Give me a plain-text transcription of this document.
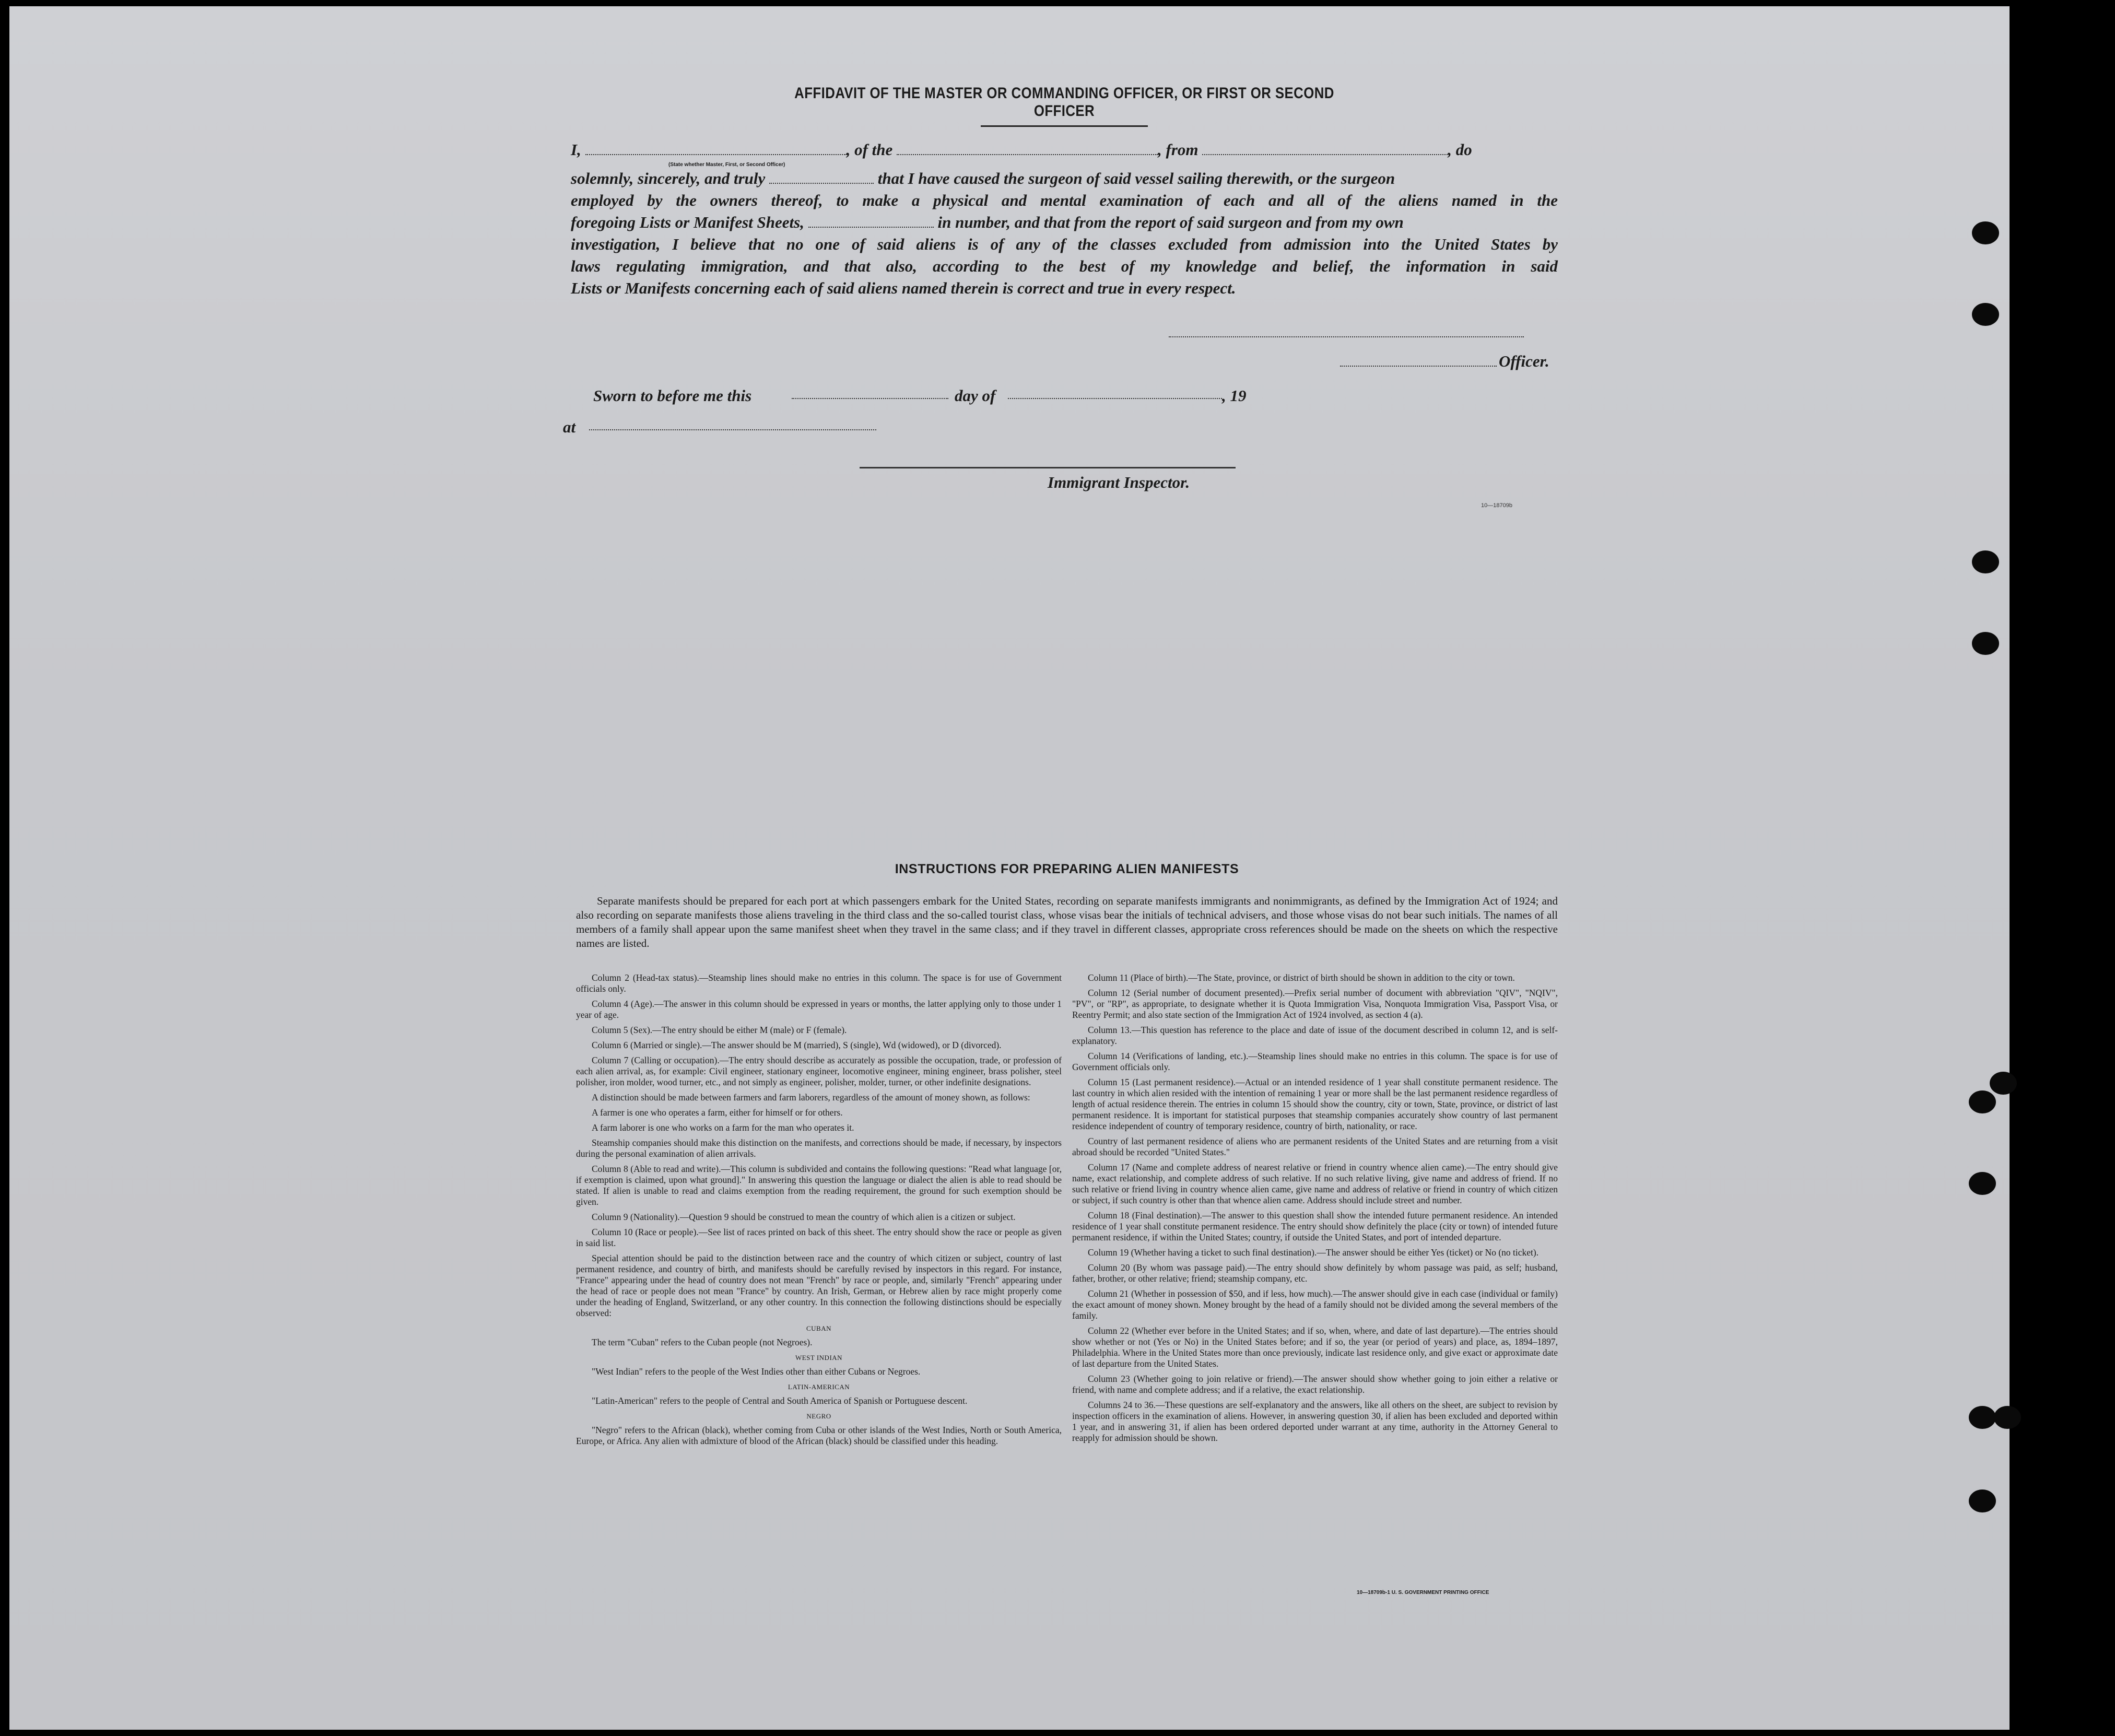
AFFIDAVIT OF THE MASTER OR COMMANDING OFFICER, OR FIRST OR SECOND OFFICER
I,	, of the	, from	, do
(State whether Master, First, or Second Officer)
solemnly, sincerely, and truly	that I have caused the surgeon of said vessel sailing therewith, or the surgeon
employed by the owners thereof, to make a physical and mental examination of each and all of the aliens named in the
foregoing Lists or Manifest Sheets,	in number, and that from the report of said surgeon and from my own
investigation, I believe that no one of said aliens is of any of the classes excluded from admission into the United States by
laws regulating immigration, and that also, according to the best of my knowledge and belief, the information in said
Lists or Manifests concerning each of said aliens named therein is correct and true in every respect.
Officer.
Sworn to before me this	day of	, 19
at
Immigrant Inspector.
10—18709b
INSTRUCTIONS FOR PREPARING ALIEN MANIFESTS
Separate manifests should be prepared for each port at which passengers embark for the United States, recording on separate manifests immigrants and nonimmigrants, as defined by the Immigration Act of 1924; and also recording on separate manifests those aliens traveling in the third class and the so-called tourist class, whose visas bear the initials of technical advisers, and those whose visas do not bear such initials. The names of all members of a family shall appear upon the same manifest sheet when they travel in the same class; and if they travel in different classes, appropriate cross references should be made on the sheets on which the respective names are listed.

Column 2 (Head-tax status).—Steamship lines should make no entries in this column. The space is for use of Government officials only.

Column 4 (Age).—The answer in this column should be expressed in years or months, the latter applying only to those under 1 year of age.

Column 5 (Sex).—The entry should be either M (male) or F (female).

Column 6 (Married or single).—The answer should be M (married), S (single), Wd (widowed), or D (divorced).

Column 7 (Calling or occupation).—The entry should describe as accurately as possible the occupation, trade, or profession of each alien arrival, as, for example: Civil engineer, stationary engineer, locomotive engineer, mining engineer, brass polisher, steel polisher, iron molder, wood turner, etc., and not simply as engineer, polisher, molder, turner, or other indefinite designations.

A distinction should be made between farmers and farm laborers, regardless of the amount of money shown, as follows:

A farmer is one who operates a farm, either for himself or for others.

A farm laborer is one who works on a farm for the man who operates it.

Steamship companies should make this distinction on the manifests, and corrections should be made, if necessary, by inspectors during the personal examination of alien arrivals.

Column 8 (Able to read and write).—This column is subdivided and contains the following questions: "Read what language [or, if exemption is claimed, upon what ground]." In answering this question the language or dialect the alien is able to read should be stated. If alien is unable to read and claims exemption from the reading requirement, the ground for such exemption should be given.

Column 9 (Nationality).—Question 9 should be construed to mean the country of which alien is a citizen or subject.

Column 10 (Race or people).—See list of races printed on back of this sheet. The entry should show the race or people as given in said list.

Special attention should be paid to the distinction between race and the country of which citizen or subject, country of last permanent residence, and country of birth, and manifests should be carefully revised by inspectors in this regard. For instance, "France" appearing under the head of country does not mean "French" by race or people, and, similarly "French" appearing under the head of race or people does not mean "France" by country. An Irish, German, or Hebrew alien by race might properly come under the heading of England, Switzerland, or any other country. In this connection the following distinctions should be especially observed:

CUBAN

The term "Cuban" refers to the Cuban people (not Negroes).

WEST INDIAN

"West Indian" refers to the people of the West Indies other than either Cubans or Negroes.

LATIN-AMERICAN

"Latin-American" refers to the people of Central and South America of Spanish or Portuguese descent.

NEGRO

"Negro" refers to the African (black), whether coming from Cuba or other islands of the West Indies, North or South America, Europe, or Africa. Any alien with admixture of blood of the African (black) should be classified under this heading.

Column 11 (Place of birth).—The State, province, or district of birth should be shown in addition to the city or town.

Column 12 (Serial number of document presented).—Prefix serial number of document with abbreviation "QIV", "NQIV", "PV", or "RP", as appropriate, to designate whether it is Quota Immigration Visa, Nonquota Immigration Visa, Passport Visa, or Reentry Permit; and also state section of the Immigration Act of 1924 involved, as section 4 (a).

Column 13.—This question has reference to the place and date of issue of the document described in column 12, and is self-explanatory.

Column 14 (Verifications of landing, etc.).—Steamship lines should make no entries in this column. The space is for use of Government officials only.

Column 15 (Last permanent residence).—Actual or an intended residence of 1 year shall constitute permanent residence. The last country in which alien resided with the intention of remaining 1 year or more shall be the last permanent residence regardless of length of actual residence therein. The entries in column 15 should show the country, city or town, State, province, or district of last permanent residence. It is important for statistical purposes that steamship companies accurately show country of last permanent residence independent of country of temporary residence, country of birth, nationality, or race.

Country of last permanent residence of aliens who are permanent residents of the United States and are returning from a visit abroad should be recorded "United States."

Column 17 (Name and complete address of nearest relative or friend in country whence alien came).—The entry should give name, exact relationship, and complete address of such relative. If no such relative living, give name and address of friend. If no such relative or friend living in country whence alien came, give name and address of relative or friend in country of which citizen or subject, if such country is other than that whence alien came. Address should include street and number.

Column 18 (Final destination).—The answer to this question shall show the intended future permanent residence. An intended residence of 1 year shall constitute permanent residence. The entry should show definitely the place (city or town) of intended future permanent residence, if within the United States; country, if outside the United States, and port of intended departure.

Column 19 (Whether having a ticket to such final destination).—The answer should be either Yes (ticket) or No (no ticket).

Column 20 (By whom was passage paid).—The entry should show definitely by whom passage was paid, as self; husband, father, brother, or other relative; friend; steamship company, etc.

Column 21 (Whether in possession of $50, and if less, how much).—The answer should give in each case (individual or family) the exact amount of money shown. Money brought by the head of a family should not be divided among the several members of the family.

Column 22 (Whether ever before in the United States; and if so, when, where, and date of last departure).—The entries should show whether or not (Yes or No) in the United States before; and if so, the year (or period of years) and place, as, 1894–1897, Philadelphia. Where in the United States more than once previously, indicate last residence only, and give exact or approximate date of last departure from the United States.

Column 23 (Whether going to join relative or friend).—The answer should show whether going to join either a relative or friend, with name and complete address; and if a relative, the exact relationship.

Columns 24 to 36.—These questions are self-explanatory and the answers, like all others on the sheet, are subject to revision by inspection officers in the examination of aliens. However, in answering question 30, if alien has been excluded and deported within 1 year, and in answering 31, if alien has been ordered deported under warrant at any time, authority in the Attorney General to reapply for admission should be shown.

10—18709b-1 U. S. GOVERNMENT PRINTING OFFICE
